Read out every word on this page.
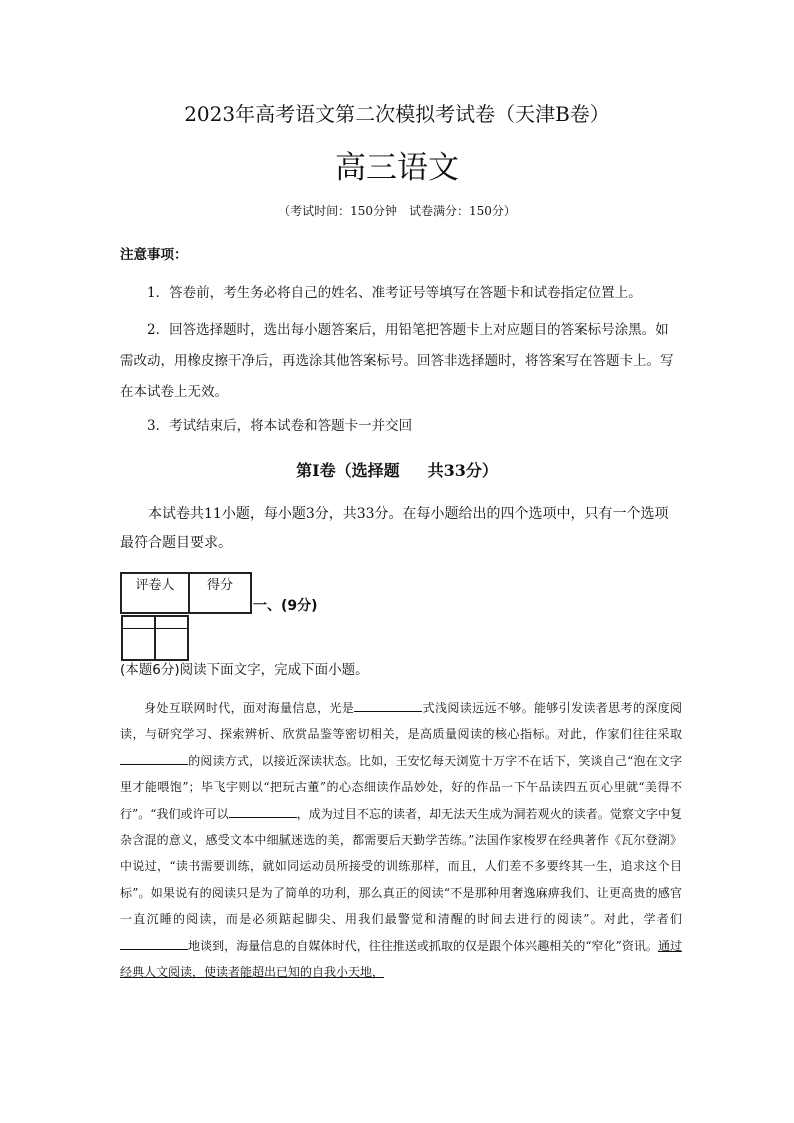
2023年高考语文第二次模拟考试卷（天津B卷）
高三语文
（考试时间：150分钟　试卷满分：150分）
注意事项：
1．答卷前，考生务必将自己的姓名、准考证号等填写在答题卡和试卷指定位置上。
2．回答选择题时，选出每小题答案后，用铅笔把答题卡上对应题目的答案标号涂黑。如需改动，用橡皮擦干净后，再选涂其他答案标号。回答非选择题时，将答案写在答题卡上。写在本试卷上无效。
3．考试结束后，将本试卷和答题卡一并交回
第Ⅰ卷（选择题 共33分）
本试卷共11小题，每小题3分，共33分。在每小题给出的四个选项中，只有一个选项最符合题目要求。
评卷人	得分

一、(9分)
(本题6分)阅读下面文字，完成下面小题。
身处互联网时代，面对海量信息，光是	式浅阅读远远不够。能够引发读者思考的深度阅读，与研究学习、探索辨析、欣赏品鉴等密切相关，是高质量阅读的核心指标。对此，作家们往往采取的阅读方式，以接近深读状态。比如，王安忆每天浏览十万字不在话下，笑谈自己“泡在文字里才能喂饱”；毕飞宇则以“把玩古董”的心态细读作品妙处，好的作品一下午品读四五页心里就“美得不行”。“我们或许可以	，成为过目不忘的读者，却无法天生成为洞若观火的读者。觉察文字中复杂含混的意义，感受文本中细腻迷选的美，都需要后天勤学苦练。”法国作家梭罗在经典著作《瓦尔登湖》中说过，“读书需要训练，就如同运动员所接受的训练那样，而且，人们差不多要终其一生，追求这个目标”。如果说有的阅读只是为了简单的功利，那么真正的阅读“不是那种用奢逸麻痹我们、让更高贵的感官一直沉睡的阅读，而是必须踮起脚尖、用我们最警觉和清醒的时间去进行的阅读”。对此，学者们地谈到，海量信息的自媒体时代，往往推送或抓取的仅是跟个体兴趣相关的“窄化”资讯。通过经典人文阅读，使读者能超出已知的自我小天地，
